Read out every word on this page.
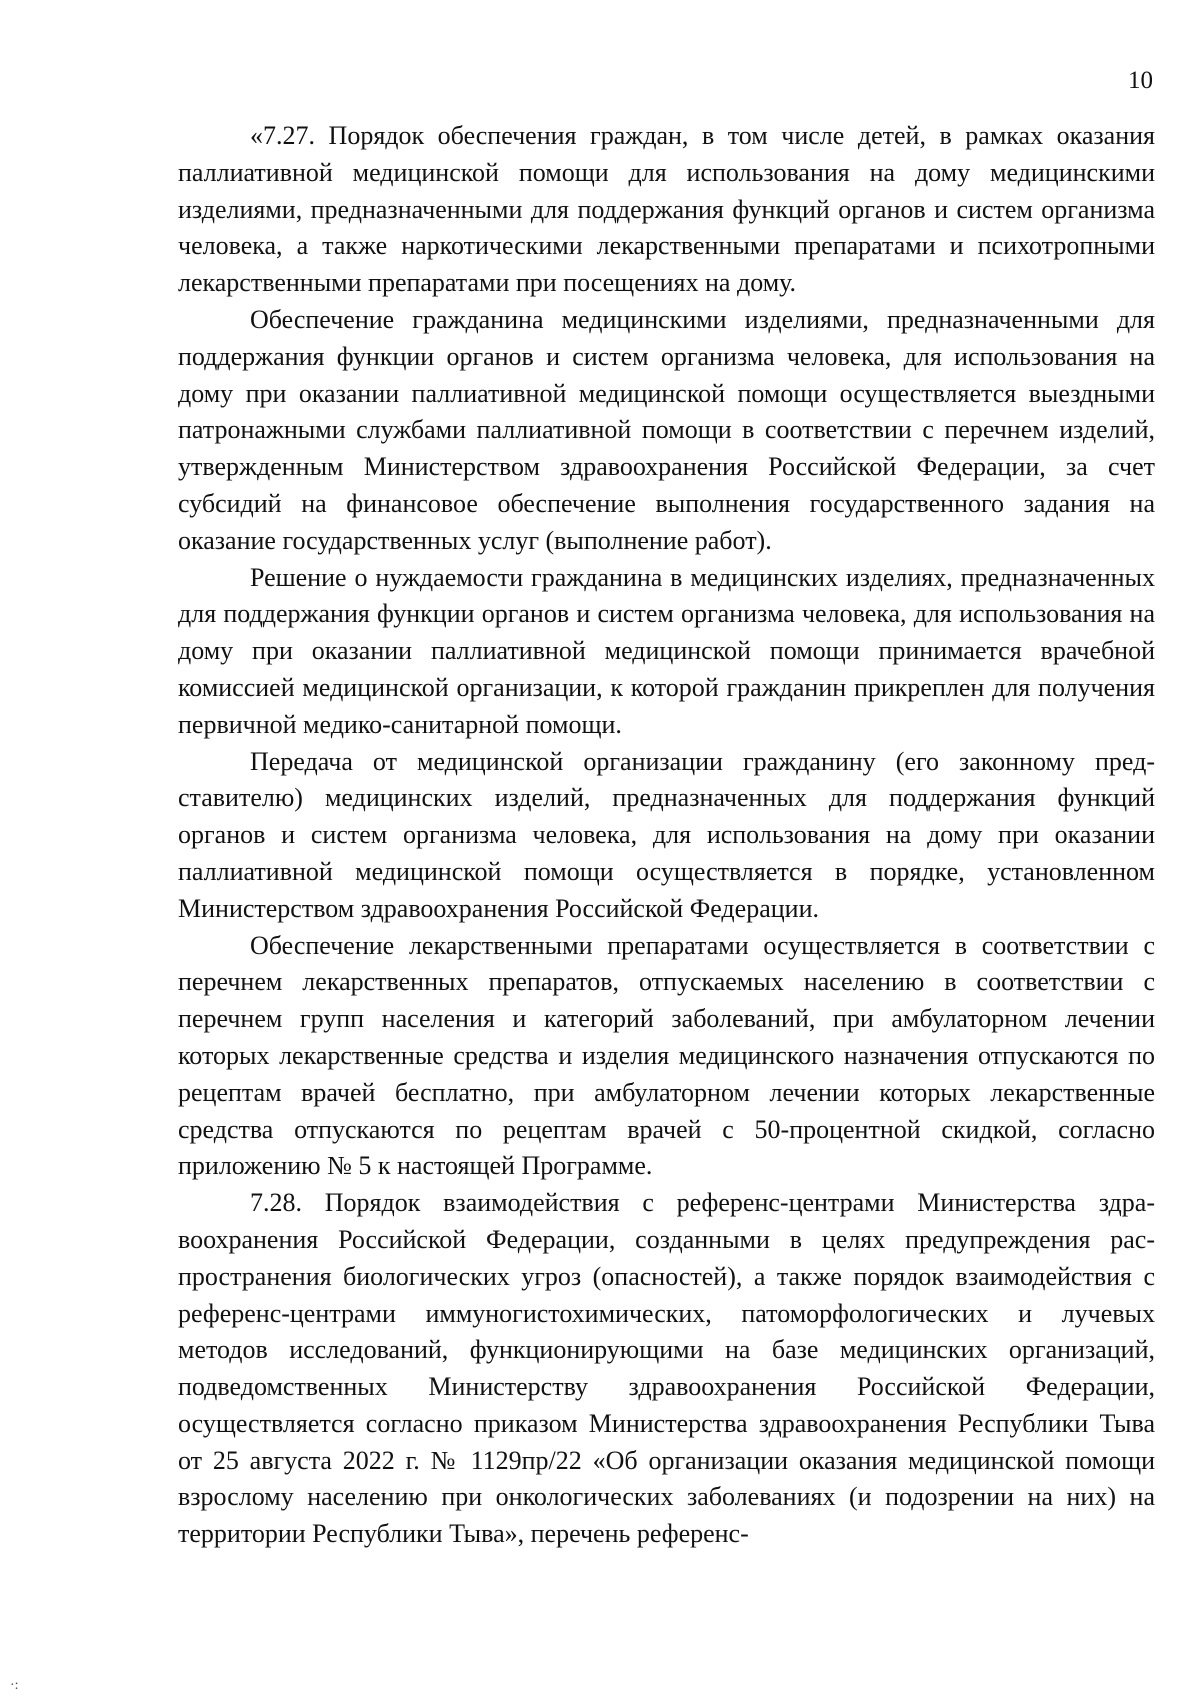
10

«7.27. Порядок обеспечения граждан, в том числе детей, в рамках оказания паллиативной медицинской помощи для использования на дому медицинскими изделиями, предназначенными для поддержания функций органов и систем организма человека, а также наркотическими лекарственными препаратами и психотропными лекарственными препаратами при посещениях на дому.

Обеспечение гражданина медицинскими изделиями, предназначенными для поддержания функции органов и систем организма человека, для использования на дому при оказании паллиативной медицинской помощи осуществляется выездными патронажными службами паллиативной помощи в соответствии с перечнем изделий, утвержденным Министерством здравоохранения Российской Федерации, за счет субсидий на финансовое обеспечение выполнения государственного задания на оказание государственных услуг (выполнение работ).

Решение о нуждаемости гражданина в медицинских изделиях, предназначенных для поддержания функции органов и систем организма человека, для использования на дому при оказании паллиативной медицинской помощи принимается врачебной комиссией медицинской организации, к которой гражданин прикреплен для получения первичной медико-санитарной помощи.

Передача от медицинской организации гражданину (его законному представителю) медицинских изделий, предназначенных для поддержания функций органов и систем организма человека, для использования на дому при оказании паллиативной медицинской помощи осуществляется в порядке, установленном Министерством здравоохранения Российской Федерации.

Обеспечение лекарственными препаратами осуществляется в соответствии с перечнем лекарственных препаратов, отпускаемых населению в соответствии с перечнем групп населения и категорий заболеваний, при амбулаторном лечении которых лекарственные средства и изделия медицинского назначения отпускаются по рецептам врачей бесплатно, при амбулаторном лечении которых лекарственные средства отпускаются по рецептам врачей с 50-процентной скидкой, согласно приложению № 5 к настоящей Программе.

7.28. Порядок взаимодействия с референс-центрами Министерства здравоохранения Российской Федерации, созданными в целях предупреждения распространения биологических угроз (опасностей), а также порядок взаимодействия с референс-центрами иммуногистохимических, патоморфологических и лучевых методов исследований, функционирующими на базе медицинских организаций, подведомственных Министерству здравоохранения Российской Федерации, осуществляется согласно приказом Министерства здравоохранения Республики Тыва от 25 августа 2022 г. № 1129пр/22 «Об организации оказания медицинской помощи взрослому населению при онкологических заболеваниях (и подозрении на них) на территории Республики Тыва», перечень референс-

·:
